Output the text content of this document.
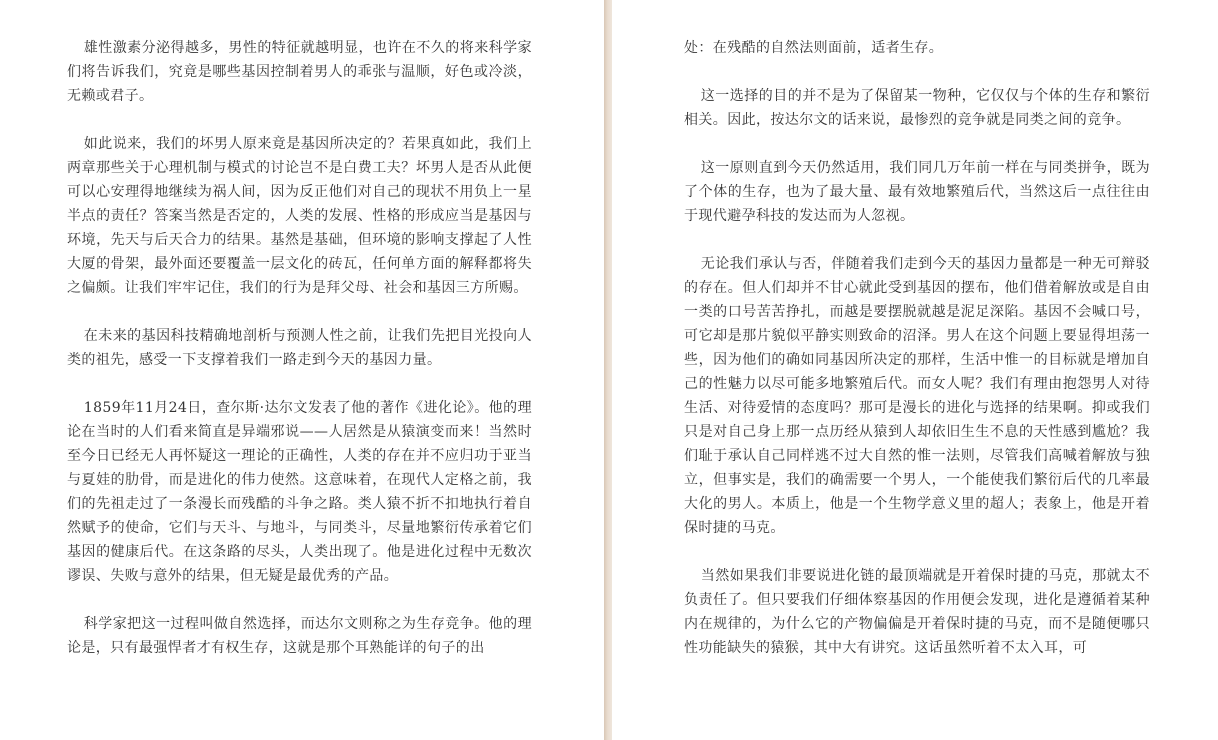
雄性激素分泌得越多，男性的特征就越明显，也许在不久的将来科学家们将告诉我们，究竟是哪些基因控制着男人的乖张与温顺，好色或冷淡，无赖或君子。

如此说来，我们的坏男人原来竟是基因所决定的？若果真如此，我们上两章那些关于心理机制与模式的讨论岂不是白费工夫？坏男人是否从此便可以心安理得地继续为祸人间，因为反正他们对自己的现状不用负上一星半点的责任？答案当然是否定的，人类的发展、性格的形成应当是基因与环境，先天与后天合力的结果。基然是基础，但环境的影响支撑起了人性大厦的骨架，最外面还要覆盖一层文化的砖瓦，任何单方面的解释都将失之偏颇。让我们牢牢记住，我们的行为是拜父母、社会和基因三方所赐。

在未来的基因科技精确地剖析与预测人性之前，让我们先把目光投向人类的祖先，感受一下支撑着我们一路走到今天的基因力量。

1859年11月24日，查尔斯·达尔文发表了他的著作《进化论》。他的理论在当时的人们看来简直是异端邪说——人居然是从猿演变而来！当然时至今日已经无人再怀疑这一理论的正确性，人类的存在并不应归功于亚当与夏娃的肋骨，而是进化的伟力使然。这意味着，在现代人定格之前，我们的先祖走过了一条漫长而残酷的斗争之路。类人猿不折不扣地执行着自然赋予的使命，它们与天斗、与地斗，与同类斗，尽量地繁衍传承着它们基因的健康后代。在这条路的尽头，人类出现了。他是进化过程中无数次谬误、失败与意外的结果，但无疑是最优秀的产品。

科学家把这一过程叫做自然选择，而达尔文则称之为生存竞争。他的理论是，只有最强悍者才有权生存，这就是那个耳熟能详的句子的出

处：在残酷的自然法则面前，适者生存。

这一选择的目的并不是为了保留某一物种，它仅仅与个体的生存和繁衍相关。因此，按达尔文的话来说，最惨烈的竞争就是同类之间的竞争。

这一原则直到今天仍然适用，我们同几万年前一样在与同类拼争，既为了个体的生存，也为了最大量、最有效地繁殖后代，当然这后一点往往由于现代避孕科技的发达而为人忽视。

无论我们承认与否，伴随着我们走到今天的基因力量都是一种无可辩驳的存在。但人们却并不甘心就此受到基因的摆布，他们借着解放或是自由一类的口号苦苦挣扎，而越是要摆脱就越是泥足深陷。基因不会喊口号，可它却是那片貌似平静实则致命的沼泽。男人在这个问题上要显得坦荡一些，因为他们的确如同基因所决定的那样，生活中惟一的目标就是增加自己的性魅力以尽可能多地繁殖后代。而女人呢？我们有理由抱怨男人对待生活、对待爱情的态度吗？那可是漫长的进化与选择的结果啊。抑或我们只是对自己身上那一点历经从猿到人却依旧生生不息的天性感到尴尬？我们耻于承认自己同样逃不过大自然的惟一法则，尽管我们高喊着解放与独立，但事实是，我们的确需要一个男人，一个能使我们繁衍后代的几率最大化的男人。本质上，他是一个生物学意义里的超人；表象上，他是开着保时捷的马克。

当然如果我们非要说进化链的最顶端就是开着保时捷的马克，那就太不负责任了。但只要我们仔细体察基因的作用便会发现，进化是遵循着某种内在规律的，为什么它的产物偏偏是开着保时捷的马克，而不是随便哪只性功能缺失的猿猴，其中大有讲究。这话虽然听着不太入耳，可
